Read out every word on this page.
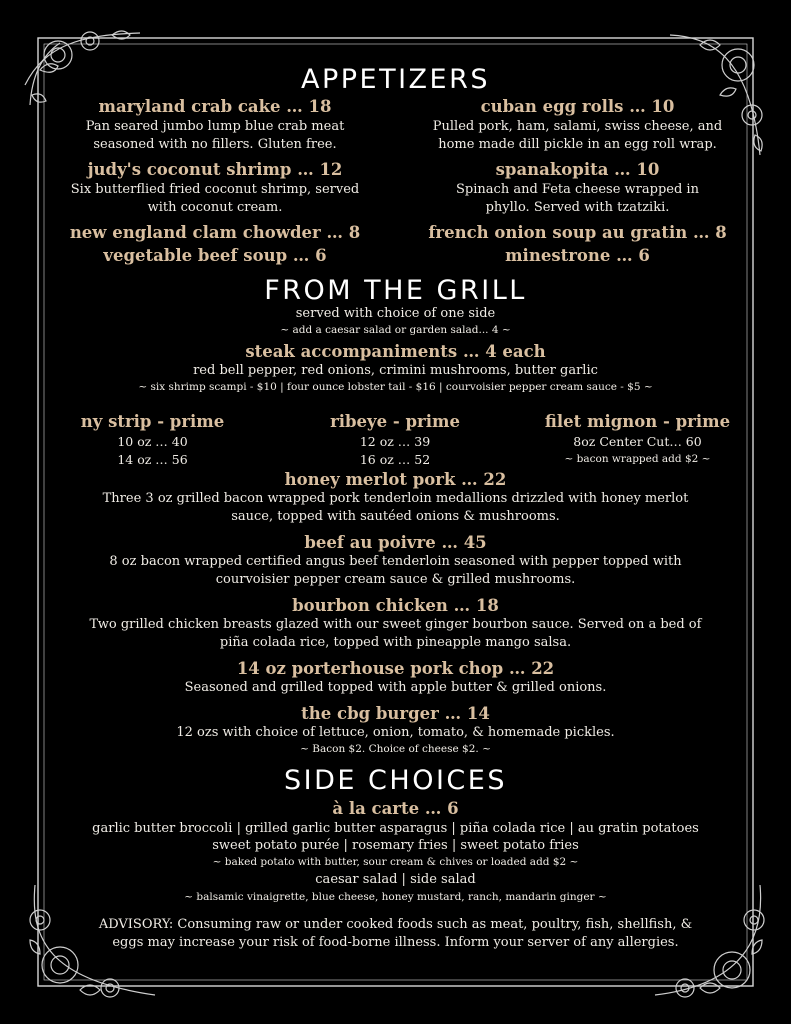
APPETIZERS
maryland crab cake … 18
Pan seared jumbo lump blue crab meat
seasoned with no fillers. Gluten free.
judy's coconut shrimp … 12
Six butterflied fried coconut shrimp, served
with coconut cream.
new england clam chowder … 8
vegetable beef soup … 6
cuban egg rolls … 10
Pulled pork, ham, salami, swiss cheese, and
home made dill pickle in an egg roll wrap.
spanakopita … 10
Spinach and Feta cheese wrapped in
phyllo. Served with tzatziki.
french onion soup au gratin … 8
minestrone … 6
FROM THE GRILL
served with choice of one side
~ add a caesar salad or garden salad... 4 ~
steak accompaniments … 4 each
red bell pepper, red onions, crimini mushrooms, butter garlic
~ six shrimp scampi - $10 | four ounce lobster tail - $16 | courvoisier pepper cream sauce - $5 ~
ny strip - prime
10 oz … 40
14 oz … 56
ribeye - prime
12 oz … 39
16 oz … 52
filet mignon - prime
8oz Center Cut… 60
~ bacon wrapped add $2 ~
honey merlot pork … 22
Three 3 oz grilled bacon wrapped pork tenderloin medallions drizzled with honey merlot
sauce, topped with sautéed onions & mushrooms.
beef au poivre … 45
8 oz bacon wrapped certified angus beef tenderloin seasoned with pepper topped with
courvoisier pepper cream sauce & grilled mushrooms.
bourbon chicken … 18
Two grilled chicken breasts glazed with our sweet ginger bourbon sauce. Served on a bed of
piña colada rice, topped with pineapple mango salsa.
14 oz porterhouse pork chop … 22
Seasoned and grilled topped with apple butter & grilled onions.
the cbg burger … 14
12 ozs with choice of lettuce, onion, tomato, & homemade pickles.
~ Bacon $2. Choice of cheese $2. ~
SIDE CHOICES
à la carte … 6
garlic butter broccoli | grilled garlic butter asparagus | piña colada rice | au gratin potatoes
sweet potato purée | rosemary fries | sweet potato fries
~ baked potato with butter, sour cream & chives or loaded add $2 ~
caesar salad | side salad
~ balsamic vinaigrette, blue cheese, honey mustard, ranch, mandarin ginger ~
ADVISORY: Consuming raw or under cooked foods such as meat, poultry, fish, shellfish, &
eggs may increase your risk of food-borne illness. Inform your server of any allergies.
